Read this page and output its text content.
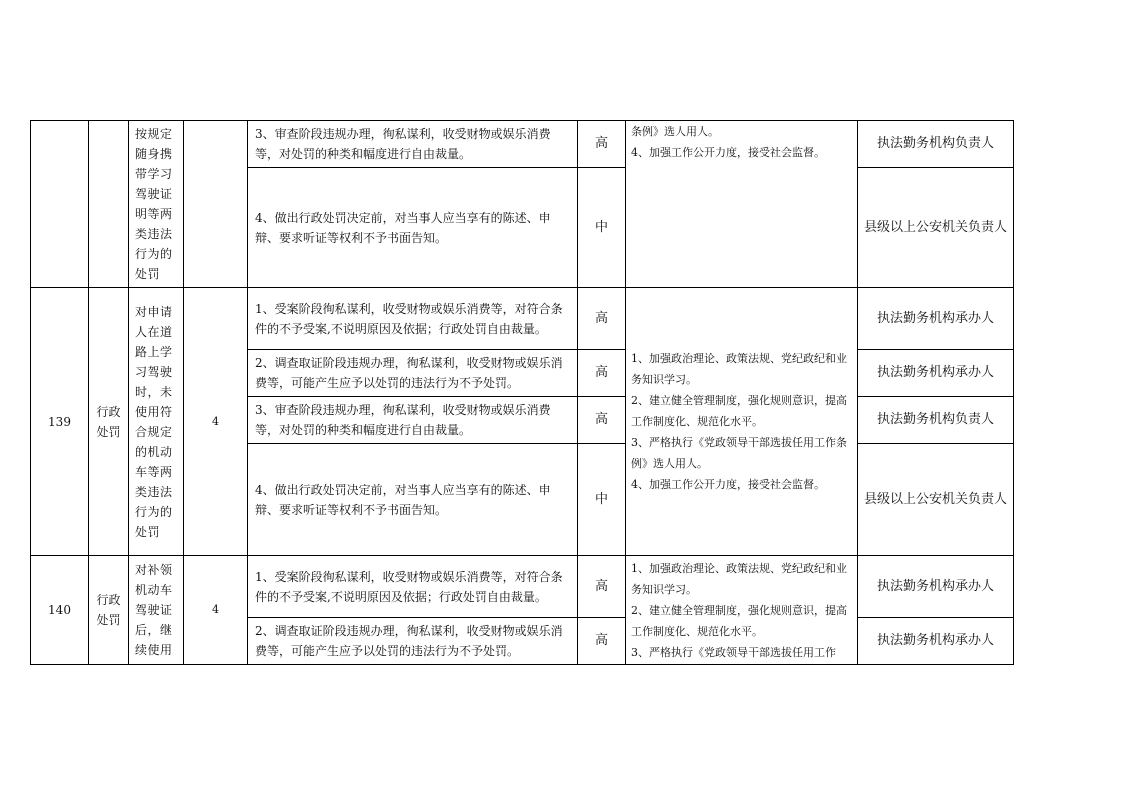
		按规定随身携带学习驾驶证明等两类违法行为的处罚		3、审查阶段违规办理，徇私谋利，收受财物或娱乐消费等，对处罚的种类和幅度进行自由裁量。	高	条例》选人用人。
4、加强工作公开力度，接受社会监督。	执法勤务机构负责人
				4、做出行政处罚决定前，对当事人应当享有的陈述、申辩、要求听证等权利不予书面告知。	中		县级以上公安机关负责人
139	行政处罚	对申请人在道路上学习驾驶时，未使用符合规定的机动车等两类违法行为的处罚	4	1、受案阶段徇私谋利，收受财物或娱乐消费等，对符合条件的不予受案,不说明原因及依据；行政处罚自由裁量。	高	1、加强政治理论、政策法规、党纪政纪和业务知识学习。
2、建立健全管理制度，强化规则意识，提高工作制度化、规范化水平。
3、严格执行《党政领导干部选拔任用工作条例》选人用人。
4、加强工作公开力度，接受社会监督。	执法勤务机构承办人
				2、调查取证阶段违规办理，徇私谋利，收受财物或娱乐消费等，可能产生应予以处罚的违法行为不予处罚。	高		执法勤务机构承办人
				3、审查阶段违规办理，徇私谋利，收受财物或娱乐消费等，对处罚的种类和幅度进行自由裁量。	高		执法勤务机构负责人
				4、做出行政处罚决定前，对当事人应当享有的陈述、申辩、要求听证等权利不予书面告知。	中		县级以上公安机关负责人
140	行政处罚	对补领机动车驾驶证后，继续使用	4	1、受案阶段徇私谋利，收受财物或娱乐消费等，对符合条件的不予受案,不说明原因及依据；行政处罚自由裁量。	高	1、加强政治理论、政策法规、党纪政纪和业务知识学习。
2、建立健全管理制度，强化规则意识，提高工作制度化、规范化水平。
3、严格执行《党政领导干部选拔任用工作	执法勤务机构承办人
				2、调查取证阶段违规办理，徇私谋利，收受财物或娱乐消费等，可能产生应予以处罚的违法行为不予处罚。	高		执法勤务机构承办人
